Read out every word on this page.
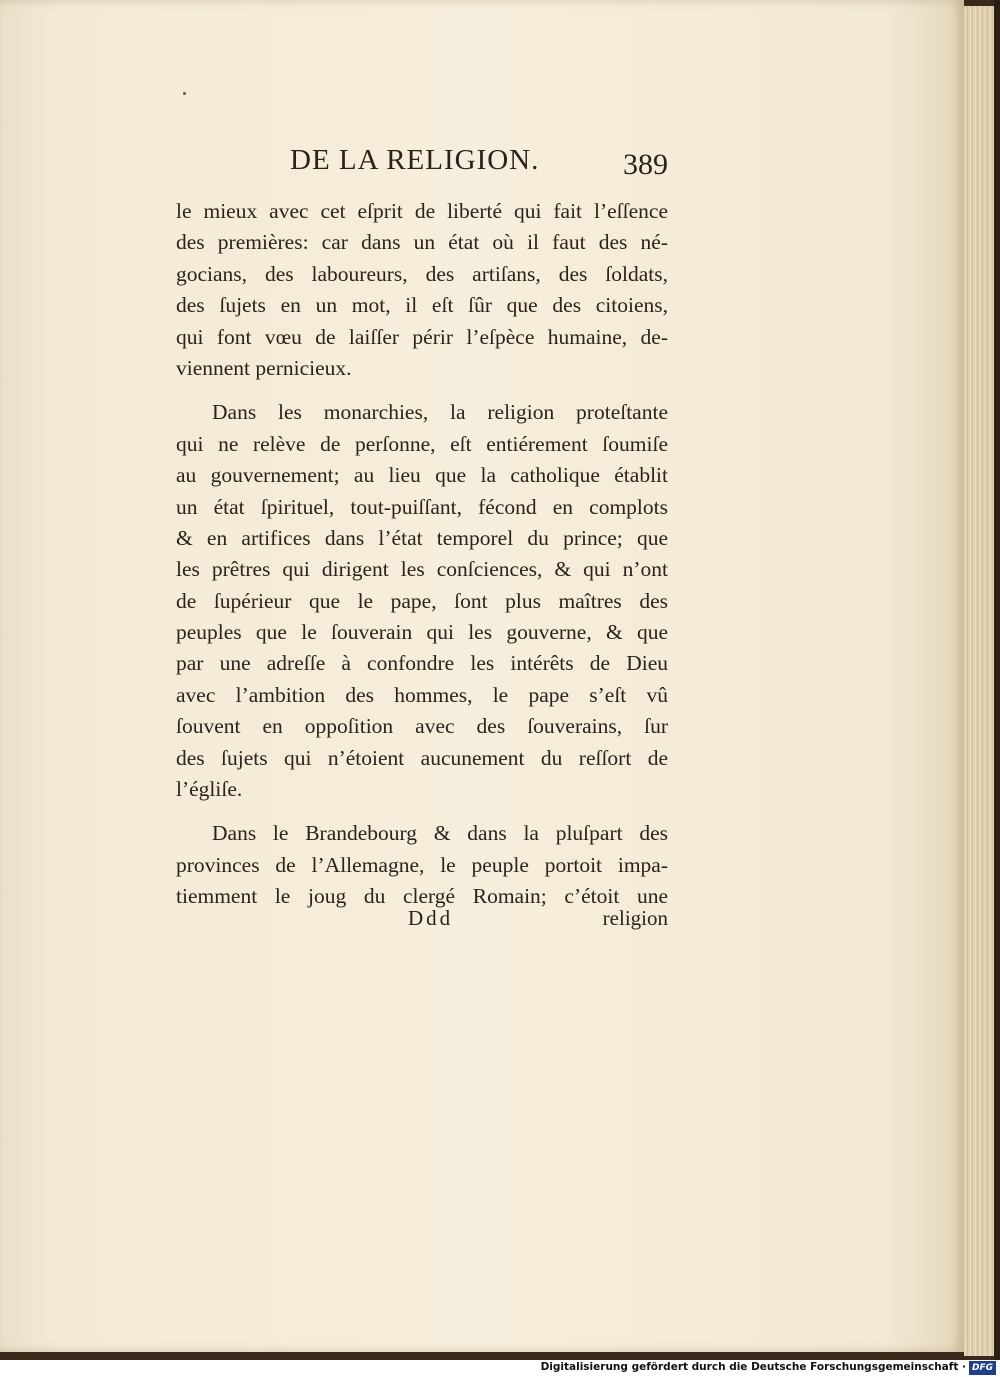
DE LA RELIGION.	389
le mieux avec cet eſprit de liberté qui fait l’eſſence
des premières: car dans un état où il faut des né-
gocians, des laboureurs, des artiſans, des ſoldats,
des ſujets en un mot, il eſt ſûr que des citoiens,
qui font vœu de laiſſer périr l’eſpèce humaine, de-
viennent pernicieux.
Dans les monarchies, la religion proteſtante
qui ne relève de perſonne, eſt entiérement ſoumiſe
au gouvernement; au lieu que la catholique établit
un état ſpirituel, tout-puiſſant, fécond en complots
& en artifices dans l’état temporel du prince; que
les prêtres qui dirigent les conſciences, & qui n’ont
de ſupérieur que le pape, ſont plus maîtres des
peuples que le ſouverain qui les gouverne, & que
par une adreſſe à confondre les intérêts de Dieu
avec l’ambition des hommes, le pape s’eſt vû
ſouvent en oppoſition avec des ſouverains, ſur
des ſujets qui n’étoient aucunement du reſſort de
l’égliſe.
Dans le Brandebourg & dans la pluſpart des
provinces de l’Allemagne, le peuple portoit impa-
tiemment le joug du clergé Romain; c’étoit une
Ddd	religion
Digitalisierung gefördert durch die Deutsche Forschungsgemeinschaft · DFG
